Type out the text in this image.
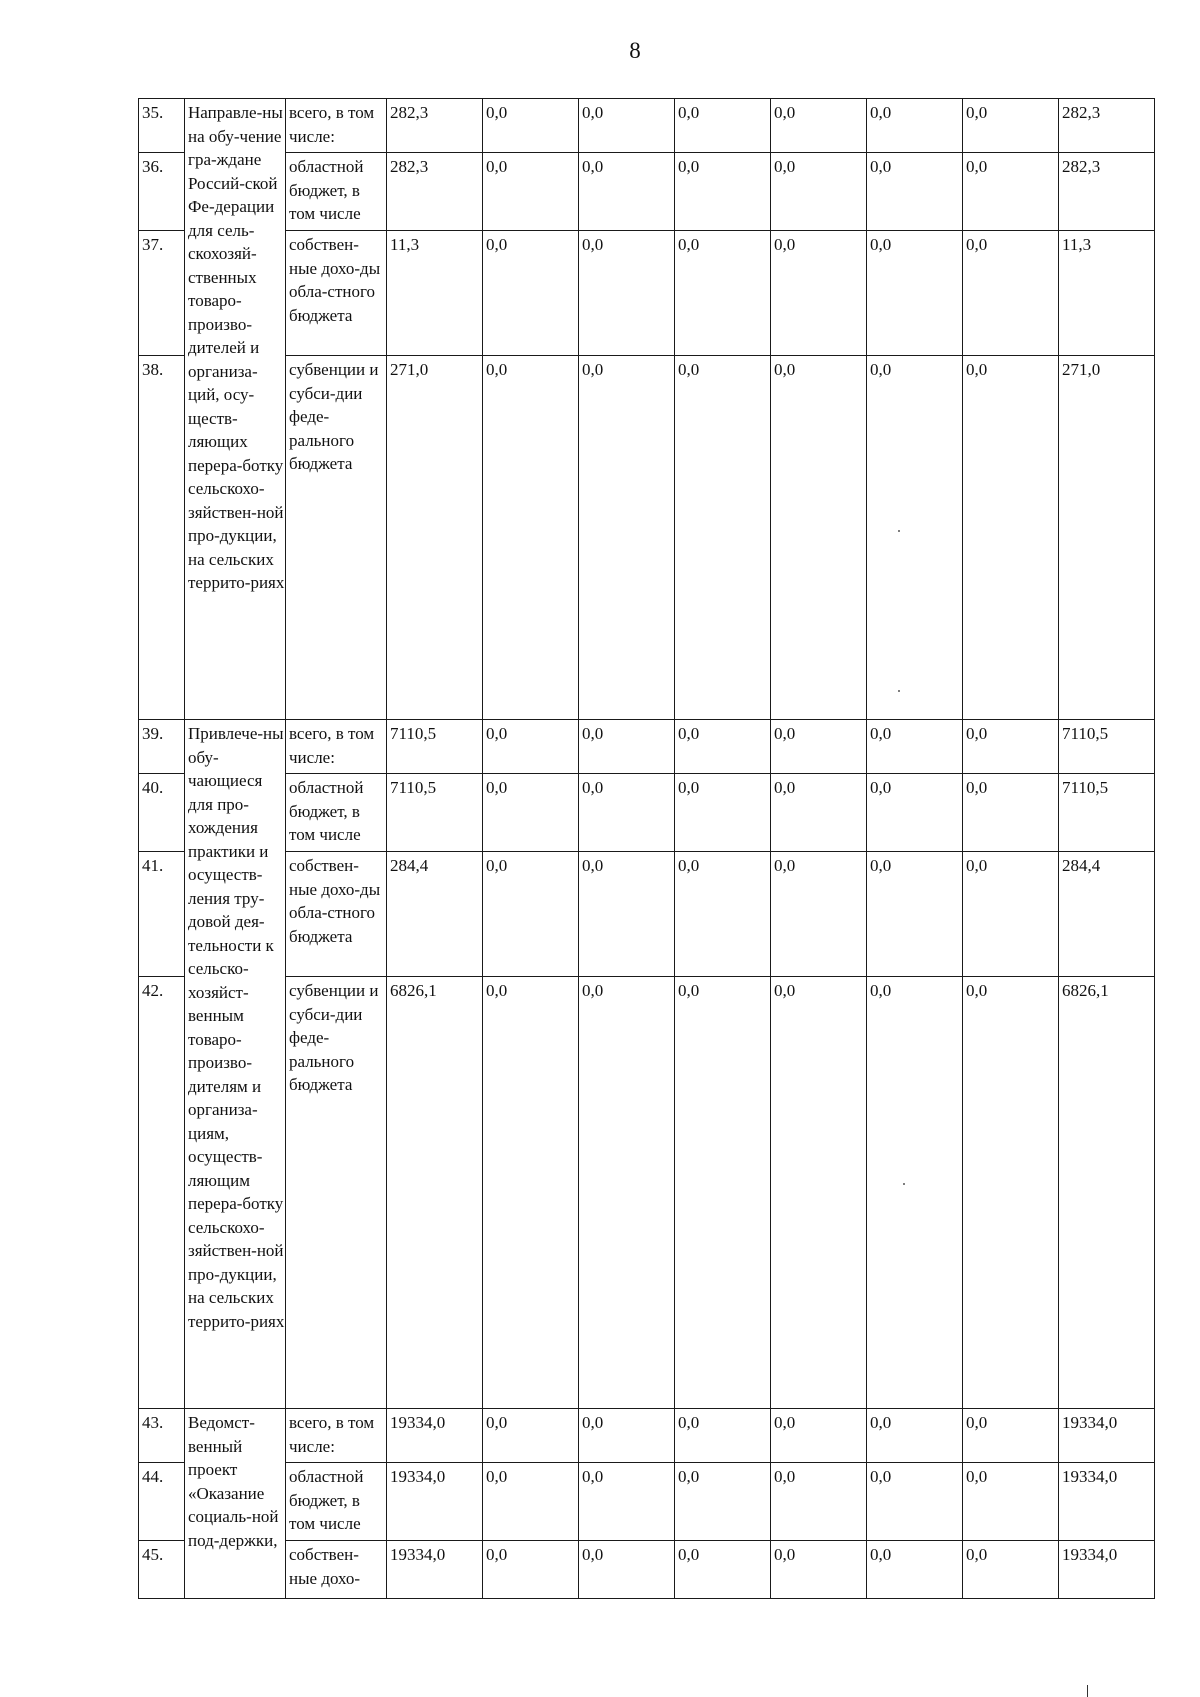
8
35.	Направле-ны на обу-чение гра-ждане Россий-ской Фе-дерации для сель-скохозяй-ственных товаро-произво-дителей и организа-ций, осу-ществ-ляющих перера-ботку сельскохо-зяйствен-ной про-дукции, на сельских террито-риях	всего, в том числе:	282,3	0,0	0,0	0,0	0,0	0,0	0,0	282,3
36.		областной бюджет, в том числе	282,3	0,0	0,0	0,0	0,0	0,0	0,0	282,3
37.		собствен-ные дохо-ды обла-стного бюджета	11,3	0,0	0,0	0,0	0,0	0,0	0,0	11,3
38.		субвенции и субси-дии феде-рального бюджета	271,0	0,0	0,0	0,0	0,0	0,0	0,0	271,0
39.	Привлече-ны обу-чающиеся для про-хождения практики и осуществ-ления тру-довой дея-тельности к сельско-хозяйст-венным товаро-произво-дителям и организа-циям, осуществ-ляющим перера-ботку сельскохо-зяйствен-ной про-дукции, на сельских террито-риях	всего, в том числе:	7110,5	0,0	0,0	0,0	0,0	0,0	0,0	7110,5
40.		областной бюджет, в том числе	7110,5	0,0	0,0	0,0	0,0	0,0	0,0	7110,5
41.		собствен-ные дохо-ды обла-стного бюджета	284,4	0,0	0,0	0,0	0,0	0,0	0,0	284,4
42.		субвенции и субси-дии феде-рального бюджета	6826,1	0,0	0,0	0,0	0,0	0,0	0,0	6826,1
43.	Ведомст-венный проект «Оказание социаль-ной под-держки,	всего, в том числе:	19334,0	0,0	0,0	0,0	0,0	0,0	0,0	19334,0
44.		областной бюджет, в том числе	19334,0	0,0	0,0	0,0	0,0	0,0	0,0	19334,0
45.		собствен-ные дохо-	19334,0	0,0	0,0	0,0	0,0	0,0	0,0	19334,0
